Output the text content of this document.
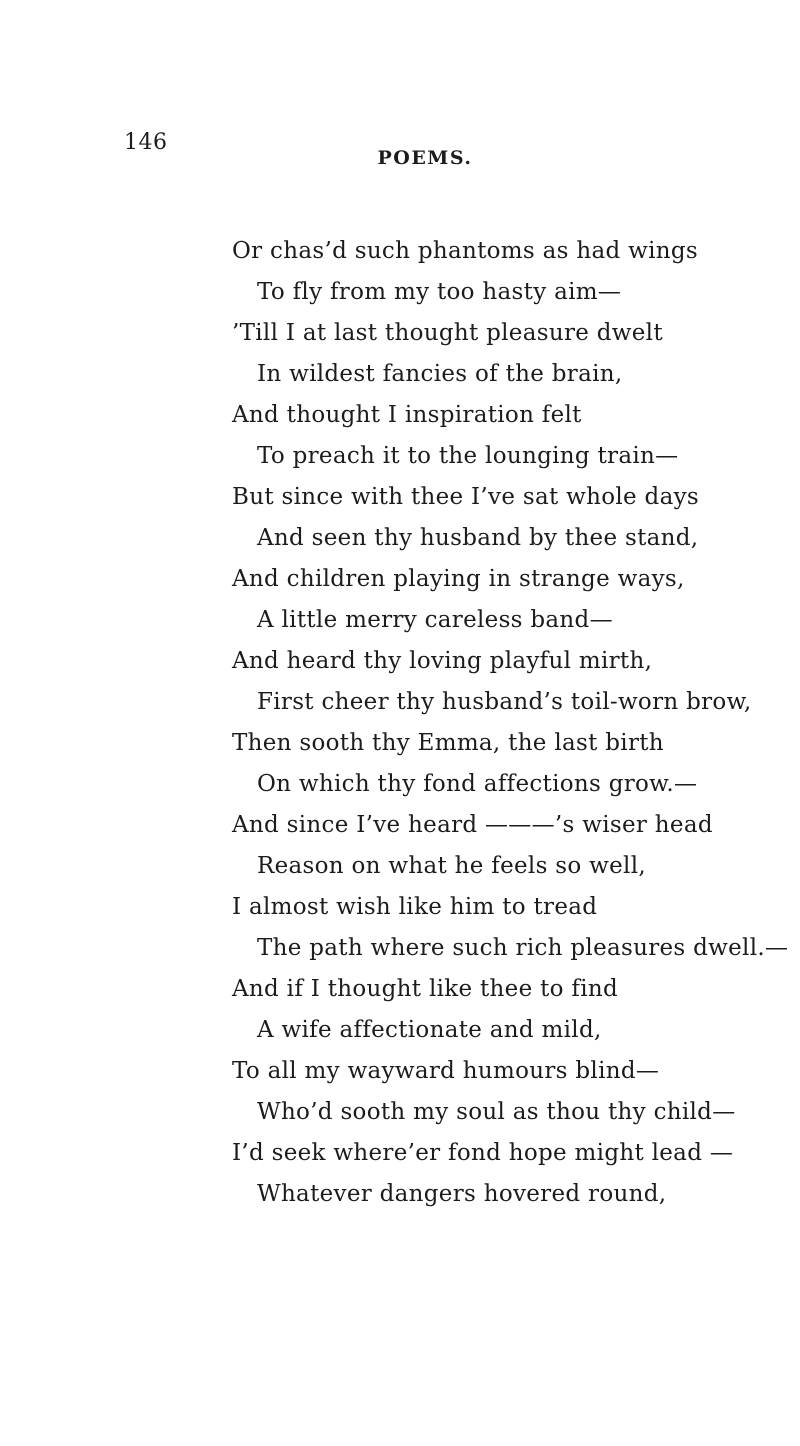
146
POEMS.
Or chas’d such phantoms as had wings
To fly from my too hasty aim—
’Till I at last thought pleasure dwelt
In wildest fancies of the brain,
And thought I inspiration felt
To preach it to the lounging train—
But since with thee I’ve sat whole days
And seen thy husband by thee stand,
And children playing in strange ways,
A little merry careless band—
And heard thy loving playful mirth,
First cheer thy husband’s toil-worn brow,
Then sooth thy Emma, the last birth
On which thy fond affections grow.—
And since I’ve heard ———’s wiser head
Reason on what he feels so well,
I almost wish like him to tread
The path where such rich pleasures dwell.—
And if I thought like thee to find
A wife affectionate and mild,
To all my wayward humours blind—
Who’d sooth my soul as thou thy child—
I’d seek where’er fond hope might lead —
Whatever dangers hovered round,
